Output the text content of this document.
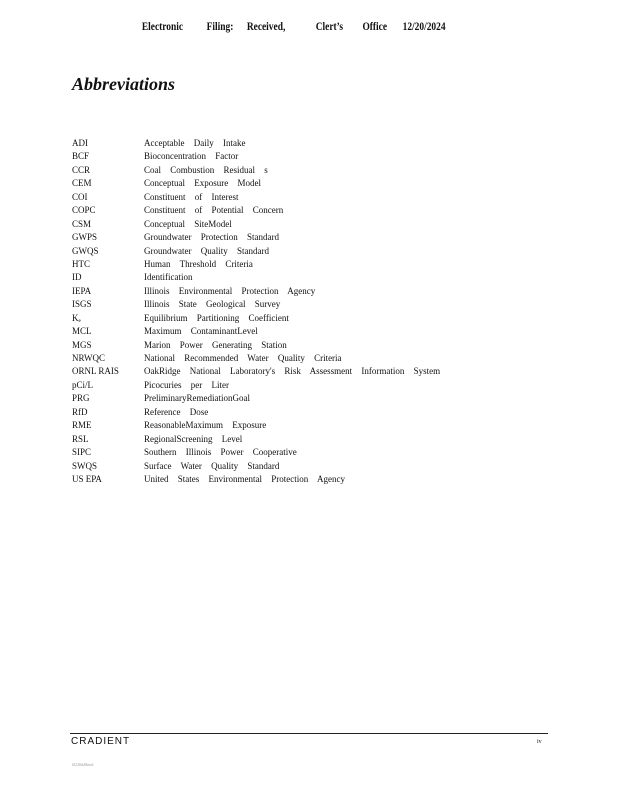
Electronic Filing: Received,	Clert’s Office 12/20/2024
Abbreviations
ADI	Acceptable Daily Intake
BCF	Bioconcentration Factor
CCR	Coal Combustion Residual s
CEM	Conceptual Exposure Model
COI	Constituent of Interest
COPC	Constituent of Potential Concern
CSM	Conceptual SiteModel
GWPS	Groundwater Protection Standard
GWQS	Groundwater Quality Standard
HTC	Human Threshold Criteria
ID	Identification
IEPA	Illinois Environmental Protection Agency
ISGS	Illinois State Geological Survey
Kₑ	Equilibrium Partitioning Coefficient
MCL	Maximum ContaminantLevel
MGS	Marion Power Generating Station
NRWQC	National Recommended Water Quality Criteria
ORNL RAIS	OakRidge National Laboratory's Risk Assessment Information System
pCi/L	Picocuries per Liter
PRG	PreliminaryRemediationGoal
RfD	Reference Dose
RME	ReasonableMaximum Exposure
RSL	RegionalScreening Level
SIPC	Southern Illinois Power Cooperative
SWQS	Surface Water Quality Standard
US EPA	United States Environmental Protection Agency
CRADIENT	iv
i0220d4&ind
